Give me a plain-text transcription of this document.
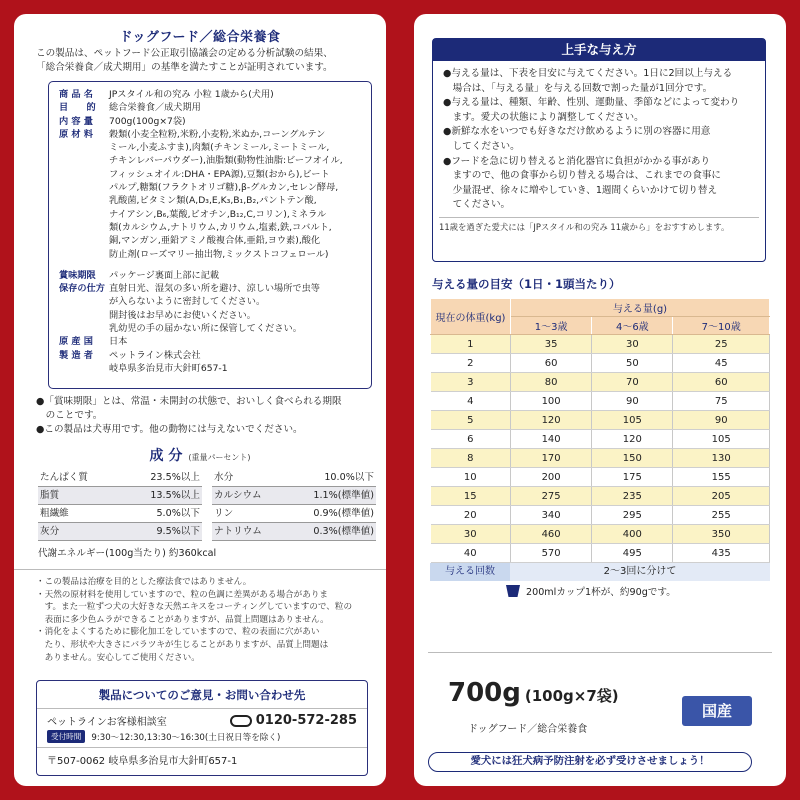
ドッグフード／総合栄養食
この製品は、ペットフード公正取引協議会の定める分析試験の結果、
「総合栄養食／成犬期用」の基準を満たすことが証明されています。
商 品 名	JPスタイル和の究み 小粒 1歳から(犬用)
目　　的	総合栄養食／成犬期用
内 容 量	700g(100g×7袋)
原 材 料	穀類(小麦全粒粉,米粉,小麦粉,米ぬか,コーングルテン
ミール,小麦ふすま),肉類(チキンミール,ミートミール,
チキンレバーパウダー),油脂類(動物性油脂:ビーフオイル,
フィッシュオイル:DHA・EPA源),豆類(おから),ビート
パルプ,糖類(フラクトオリゴ糖),β-グルカン,セレン酵母,
乳酸菌,ビタミン類(A,D₃,E,K₃,B₁,B₂,パントテン酸,
ナイアシン,B₆,葉酸,ビオチン,B₁₂,C,コリン),ミネラル
類(カルシウム,ナトリウム,カリウム,塩素,鉄,コバルト,
銅,マンガン,亜鉛アミノ酸複合体,亜鉛,ヨウ素),酸化
防止剤(ローズマリー抽出物,ミックストコフェロール)
賞味期限	パッケージ裏面上部に記載
保存の仕方 直射日光、湿気の多い所を避け、涼しい場所で虫等
が入らないように密封してください。
開封後はお早めにお使いください。
乳幼児の手の届かない所に保管してください。
原 産 国	日本
製 造 者	ペットライン株式会社
岐阜県多治見市大針町657-1
●「賞味期限」とは、常温・未開封の状態で、おいしく食べられる期限
　のことです。
●この製品は犬専用です。他の動物には与えないでください。
成 分 (重量パーセント)
たんぱく質	23.5%以上
脂質	13.5%以上
粗繊維	5.0%以下
灰分	9.5%以下
水分	10.0%以下
カルシウム	1.1%(標準値)
リン	0.9%(標準値)
ナトリウム	0.3%(標準値)
代謝エネルギー(100g当たり) 約360kcal
・この製品は治療を目的とした療法食ではありません。
・天然の原材料を使用していますので、粒の色調に差異がある場合がありま
　す。また一粒ずつ犬の大好きな天然エキスをコーティングしていますので、粒の
　表面に多少色ムラができることがありますが、品質上問題はありません。
・消化をよくするために膨化加工をしていますので、粒の表面に穴があい
　たり、形状や大きさにバラツキが生じることがありますが、品質上問題は
　ありません。安心してご使用ください。
製品についてのご意見・お問い合わせ先
ペットラインお客様相談室	0120-572-285
受付時間	9:30～12:30,13:30～16:30(土日祝日等を除く)
〒507-0062 岐阜県多治見市大針町657-1
上手な与え方
●与える量は、下表を目安に与えてください。1日に2回以上与える
　場合は、「与える量」を与える回数で割った量が1回分です。
●与える量は、種類、年齢、性別、運動量、季節などによって変わり
　ます。愛犬の状態により調整してください。
●新鮮な水をいつでも好きなだけ飲めるように別の容器に用意
　してください。
●フードを急に切り替えると消化器官に負担がかかる事があり
　ますので、他の食事から切り替える場合は、これまでの食事に
　少量混ぜ、徐々に増やしていき、1週間くらいかけて切り替え
　てください。
11歳を過ぎた愛犬には「JPスタイル和の究み 11歳から」をおすすめします。
与える量の目安（1日・1頭当たり）
現在の体重(kg)	与える量(g)		
	1～3歳	4～6歳	7～10歳
1	35	30	25
2	60	50	45
3	80	70	60
4	100	90	75
5	120	105	90
6	140	120	105
8	170	150	130
10	200	175	155
15	275	235	205
20	340	295	255
30	460	400	350
40	570	495	435
与える回数	2～3回に分けて
200mlカップ1杯が、約90gです。
700g (100g×7袋)
ドッグフード／総合栄養食
国産
愛犬には狂犬病予防注射を必ず受けさせましょう！
